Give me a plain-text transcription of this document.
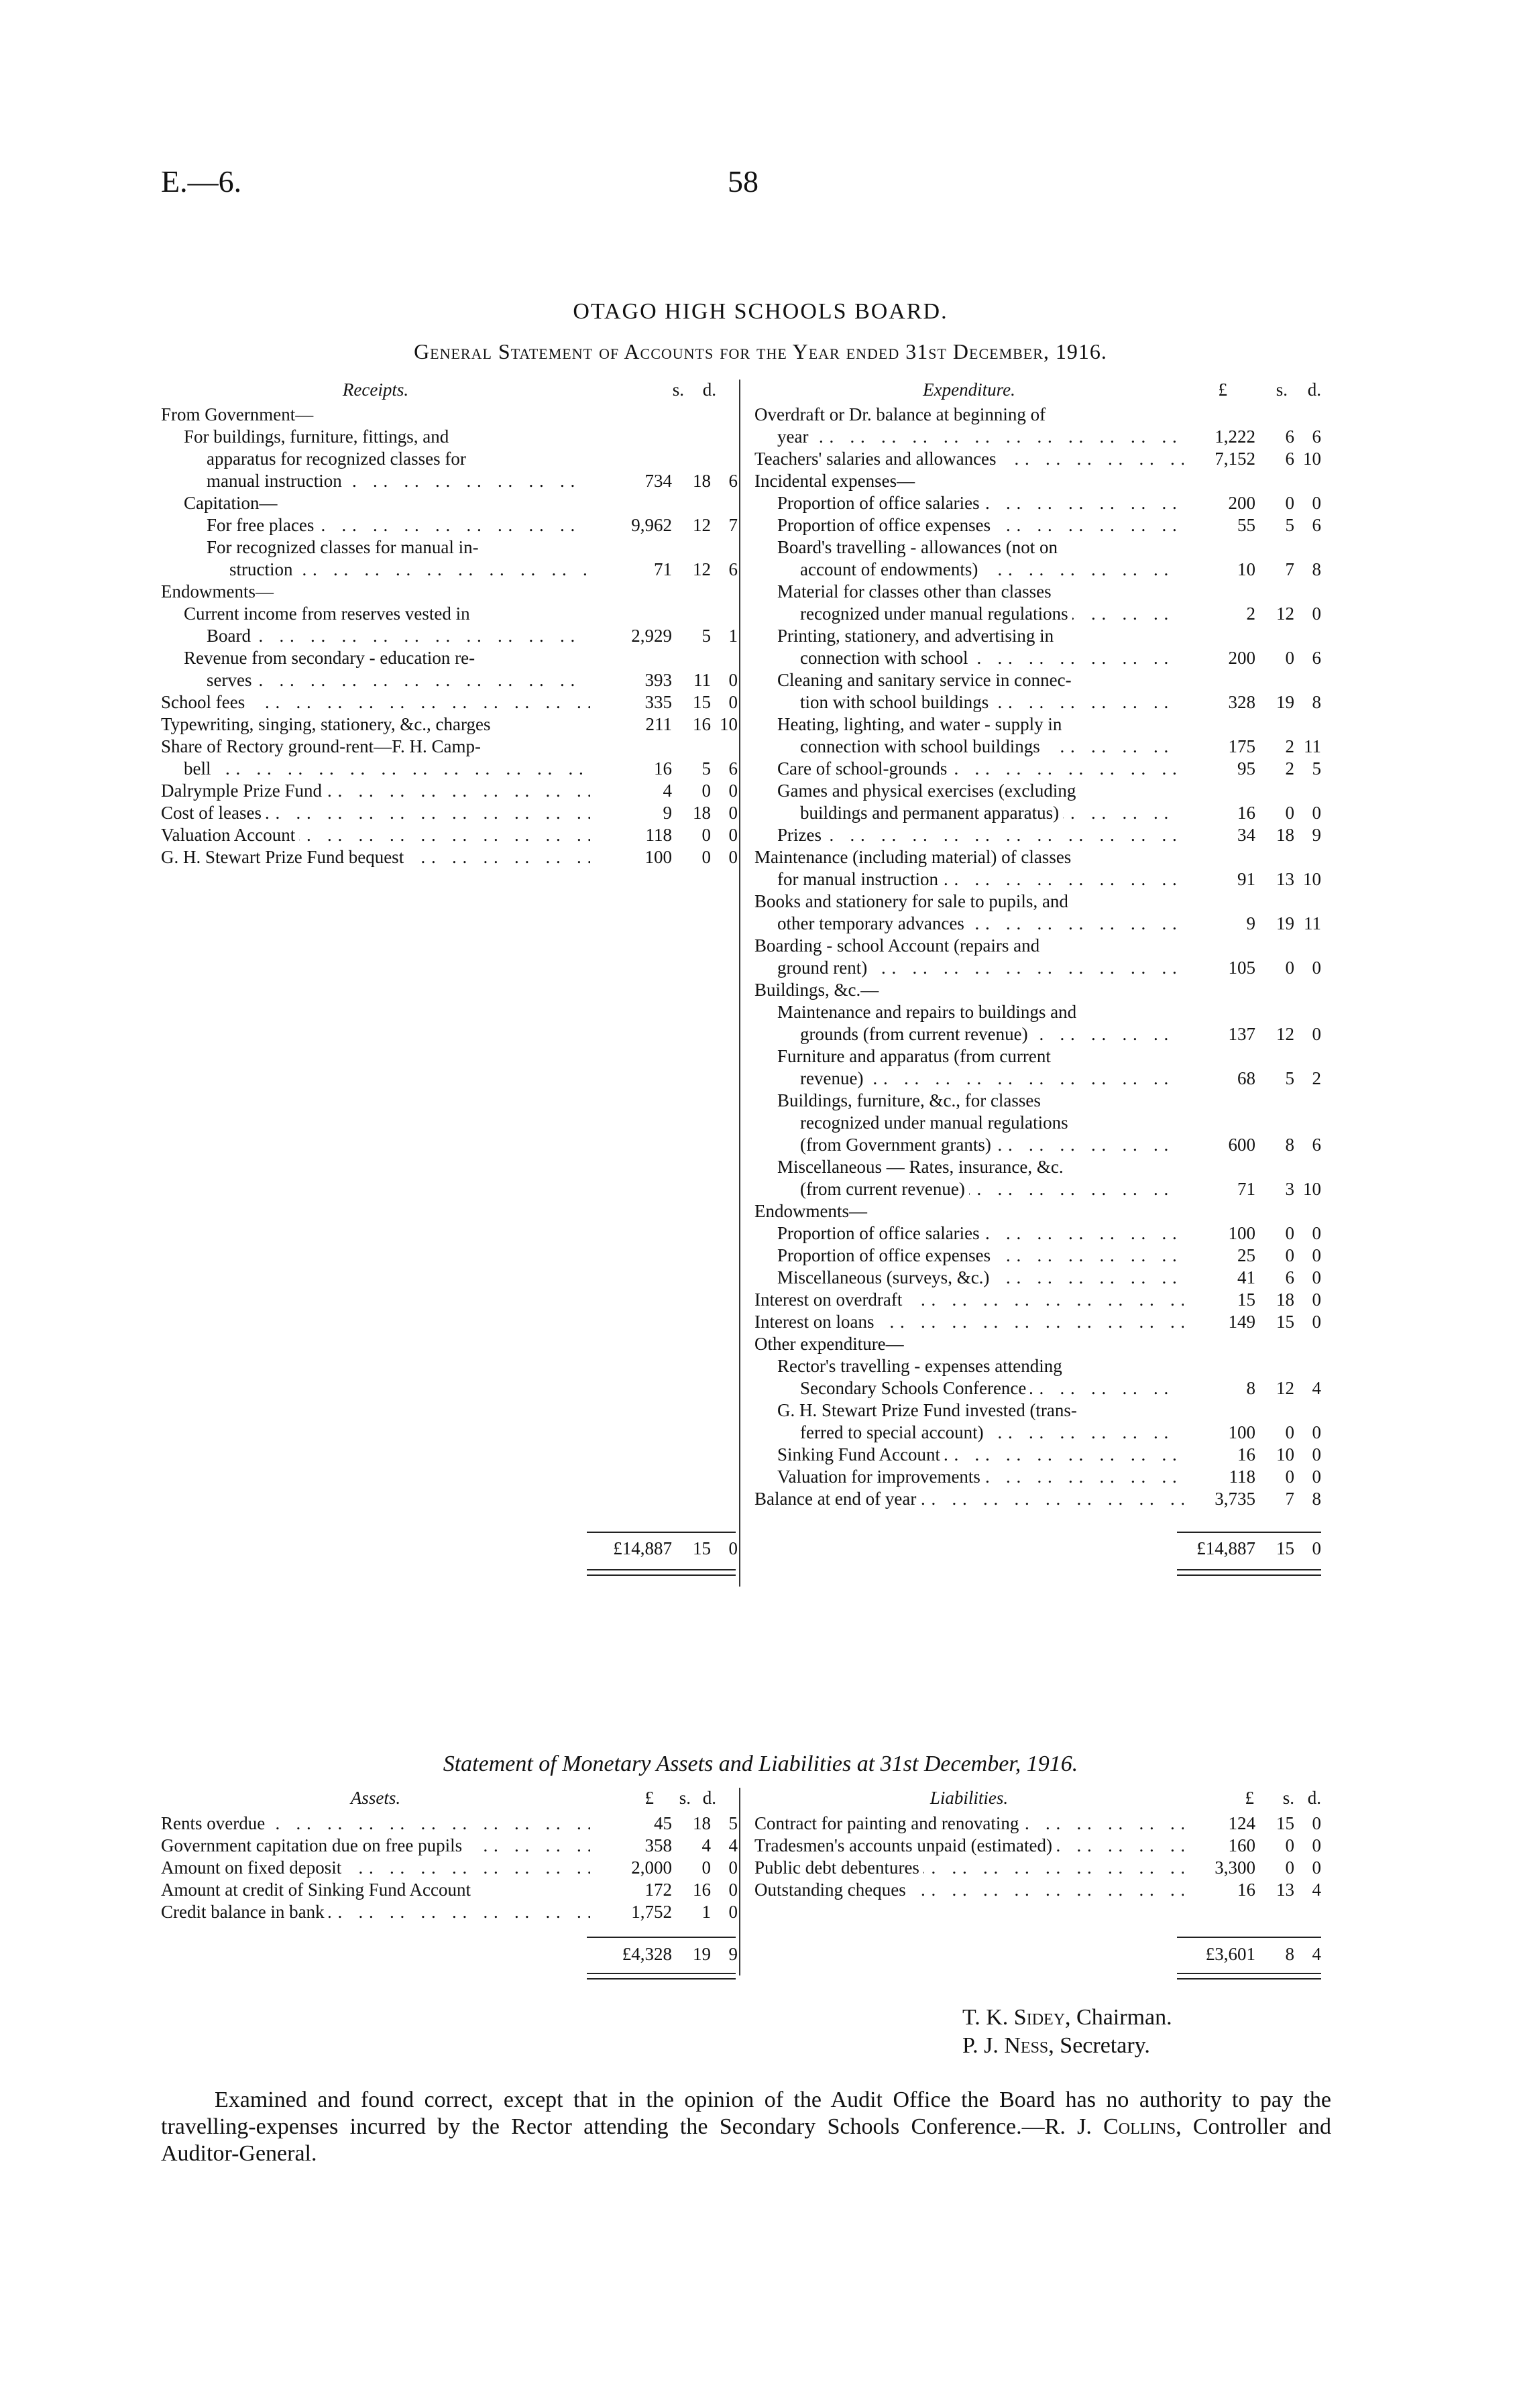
E.—6.	58
OTAGO HIGH SCHOOLS BOARD.
General Statement of Accounts for the Year ended 31st December, 1916.
Receipts.	s.	d.
From Government—
For buildings, furniture, fittings, and
apparatus for recognized classes for
manual instruction . .	734 18 6
Capitation—
For free places . .	9,962 12 7
For recognized classes for manual in-
struction . .	71 12 6
Endowments—
Current income from reserves vested in
Board . .	2,929 5 1
Revenue from secondary - education re-
serves . .	393 11 0
School fees . .	335 15 0
Typewriting, singing, stationery, &c., charges	211 16 10
Share of Rectory ground-rent—F. H. Camp-
bell . .	16 5 6
Dalrymple Prize Fund . .	4 0 0
Cost of leases . .	9 18 0
Valuation Account . .	118 0 0
G. H. Stewart Prize Fund bequest . .	100 0 0
Expenditure.	£	s.	d.
Overdraft or Dr. balance at beginning of
year . .	1,222 6 6
Teachers' salaries and allowances . .	7,152 6 10
Incidental expenses—
Proportion of office salaries . .	200 0 0
Proportion of office expenses . .	55 5 6
Board's travelling - allowances (not on
account of endowments) . .	10 7 8
Material for classes other than classes
recognized under manual regulations . .	2 12 0
Printing, stationery, and advertising in
connection with school . .	200 0 6
Cleaning and sanitary service in connec-
tion with school buildings . .	328 19 8
Heating, lighting, and water - supply in
connection with school buildings . .	175 2 11
Care of school-grounds . .	95 2 5
Games and physical exercises (excluding
buildings and permanent apparatus) . .	16 0 0
Prizes . .	34 18 9
Maintenance (including material) of classes
for manual instruction . .	91 13 10
Books and stationery for sale to pupils, and
other temporary advances . .	9 19 11
Boarding - school Account (repairs and
ground rent) . .	105 0 0
Buildings, &c.—
Maintenance and repairs to buildings and
grounds (from current revenue) . .	137 12 0
Furniture and apparatus (from current
revenue) . .	68 5 2
Buildings, furniture, &c., for classes
recognized under manual regulations
(from Government grants) . .	600 8 6
Miscellaneous — Rates, insurance, &c.
(from current revenue) . .	71 3 10
Endowments—
Proportion of office salaries . .	100 0 0
Proportion of office expenses . .	25 0 0
Miscellaneous (surveys, &c.) . .	41 6 0
Interest on overdraft . .	15 18 0
Interest on loans . .	149 15 0
Other expenditure—
Rector's travelling - expenses attending
Secondary Schools Conference . .	8 12 4
G. H. Stewart Prize Fund invested (trans-
ferred to special account) . .	100 0 0
Sinking Fund Account . .	16 10 0
Valuation for improvements . .	118 0 0
Balance at end of year . .	3,735 7 8
£14,887 15 0	£14,887 15 0
Statement of Monetary Assets and Liabilities at 31st December, 1916.
Assets.	£	s. d.
Rents overdue . .	45 18 5
Government capitation due on free pupils . .	358 4 4
Amount on fixed deposit . .	2,000 0 0
Amount at credit of Sinking Fund Account	172 16 0
Credit balance in bank . .	1,752 1 0
Liabilities.	£	s. d.
Contract for painting and renovating . .	124 15 0
Tradesmen's accounts unpaid (estimated) . .	160 0 0
Public debt debentures . .	3,300 0 0
Outstanding cheques . .	16 13 4
£4,328 19 9	£3,601 8 4
T. K. Sidey, Chairman.
P. J. Ness, Secretary.
Examined and found correct, except that in the opinion of the Audit Office the Board has no authority to pay the travelling-expenses incurred by the Rector attending the Secondary Schools Conference.—R. J. Collins, Controller and Auditor-General.
